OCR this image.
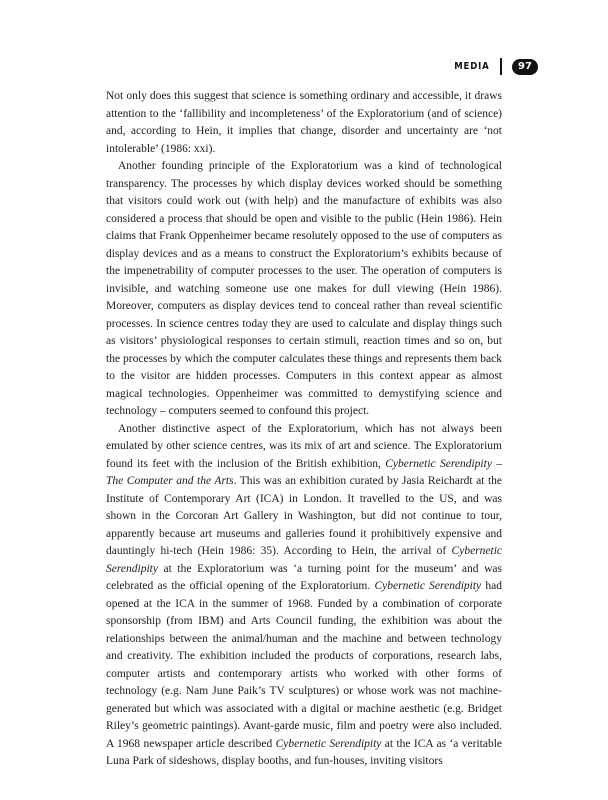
MEDIA	97

Not only does this suggest that science is something ordinary and accessible, it draws attention to the ‘fallibility and incompleteness’ of the Exploratorium (and of science) and, according to Hein, it implies that change, disorder and uncertainty are ‘not intolerable’ (1986: xxi).

Another founding principle of the Exploratorium was a kind of technological transparency. The processes by which display devices worked should be something that visitors could work out (with help) and the manufacture of exhibits was also considered a process that should be open and visible to the public (Hein 1986). Hein claims that Frank Oppenheimer became resolutely opposed to the use of computers as display devices and as a means to construct the Exploratorium’s exhibits because of the impenetrability of computer processes to the user. The operation of computers is invisible, and watching someone use one makes for dull viewing (Hein 1986). Moreover, computers as display devices tend to conceal rather than reveal scientific processes. In science centres today they are used to calculate and display things such as visitors’ physiological responses to certain stimuli, reaction times and so on, but the processes by which the computer calculates these things and represents them back to the visitor are hidden processes. Computers in this context appear as almost magical technologies. Oppenheimer was committed to demystifying science and technology – computers seemed to confound this project.

Another distinctive aspect of the Exploratorium, which has not always been emulated by other science centres, was its mix of art and science. The Exploratorium found its feet with the inclusion of the British exhibition, Cybernetic Serendipity – The Computer and the Arts. This was an exhibition curated by Jasia Reichardt at the Institute of Contemporary Art (ICA) in London. It travelled to the US, and was shown in the Corcoran Art Gallery in Washington, but did not continue to tour, apparently because art museums and galleries found it prohibitively expensive and dauntingly hi-tech (Hein 1986: 35). According to Hein, the arrival of Cybernetic Serendipity at the Exploratorium was ‘a turning point for the museum’ and was celebrated as the official opening of the Exploratorium. Cybernetic Serendipity had opened at the ICA in the summer of 1968. Funded by a combination of corporate sponsorship (from IBM) and Arts Council funding, the exhibition was about the relationships between the animal/human and the machine and between technology and creativity. The exhibition included the products of corporations, research labs, computer artists and contemporary artists who worked with other forms of technology (e.g. Nam June Paik’s TV sculptures) or whose work was not machine-generated but which was associated with a digital or machine aesthetic (e.g. Bridget Riley’s geometric paintings). Avant-garde music, film and poetry were also included. A 1968 newspaper article described Cybernetic Serendipity at the ICA as ‘a veritable Luna Park of sideshows, display booths, and fun-houses, inviting visitors
